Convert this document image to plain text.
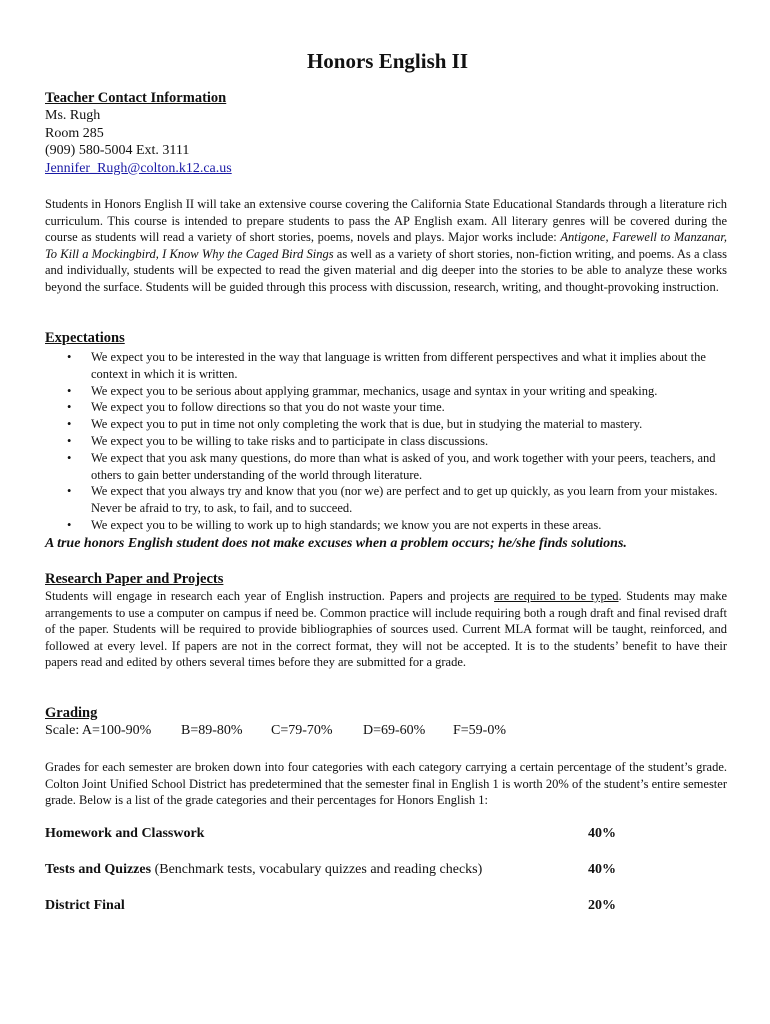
Honors English II
Teacher Contact Information
Ms. Rugh
Room 285
(909) 580-5004 Ext. 3111
Jennifer_Rugh@colton.k12.ca.us
Students in Honors English II will take an extensive course covering the California State Educational Standards through a literature rich curriculum. This course is intended to prepare students to pass the AP English exam. All literary genres will be covered during the course as students will read a variety of short stories, poems, novels and plays. Major works include: Antigone, Farewell to Manzanar, To Kill a Mockingbird, I Know Why the Caged Bird Sings as well as a variety of short stories, non-fiction writing, and poems. As a class and individually, students will be expected to read the given material and dig deeper into the stories to be able to analyze these works beyond the surface. Students will be guided through this process with discussion, research, writing, and thought-provoking instruction.
Expectations
• We expect you to be interested in the way that language is written from different perspectives and what it implies about the context in which it is written.
• We expect you to be serious about applying grammar, mechanics, usage and syntax in your writing and speaking.
• We expect you to follow directions so that you do not waste your time.
• We expect you to put in time not only completing the work that is due, but in studying the material to mastery.
• We expect you to be willing to take risks and to participate in class discussions.
• We expect that you ask many questions, do more than what is asked of you, and work together with your peers, teachers, and others to gain better understanding of the world through literature.
• We expect that you always try and know that you (nor we) are perfect and to get up quickly, as you learn from your mistakes. Never be afraid to try, to ask, to fail, and to succeed.
• We expect you to be willing to work up to high standards; we know you are not experts in these areas.
A true honors English student does not make excuses when a problem occurs; he/she finds solutions.
Research Paper and Projects
Students will engage in research each year of English instruction. Papers and projects are required to be typed. Students may make arrangements to use a computer on campus if need be. Common practice will include requiring both a rough draft and final revised draft of the paper. Students will be required to provide bibliographies of sources used. Current MLA format will be taught, reinforced, and followed at every level. If papers are not in the correct format, they will not be accepted. It is to the students’ benefit to have their papers read and edited by others several times before they are submitted for a grade.
Grading
Scale: A=100-90% B=89-80% C=79-70% D=69-60% F=59-0%
Grades for each semester are broken down into four categories with each category carrying a certain percentage of the student’s grade. Colton Joint Unified School District has predetermined that the semester final in English 1 is worth 20% of the student’s entire semester grade. Below is a list of the grade categories and their percentages for Honors English 1:
Homework and Classwork	40%
Tests and Quizzes (Benchmark tests, vocabulary quizzes and reading checks)	40%
District Final	20%
